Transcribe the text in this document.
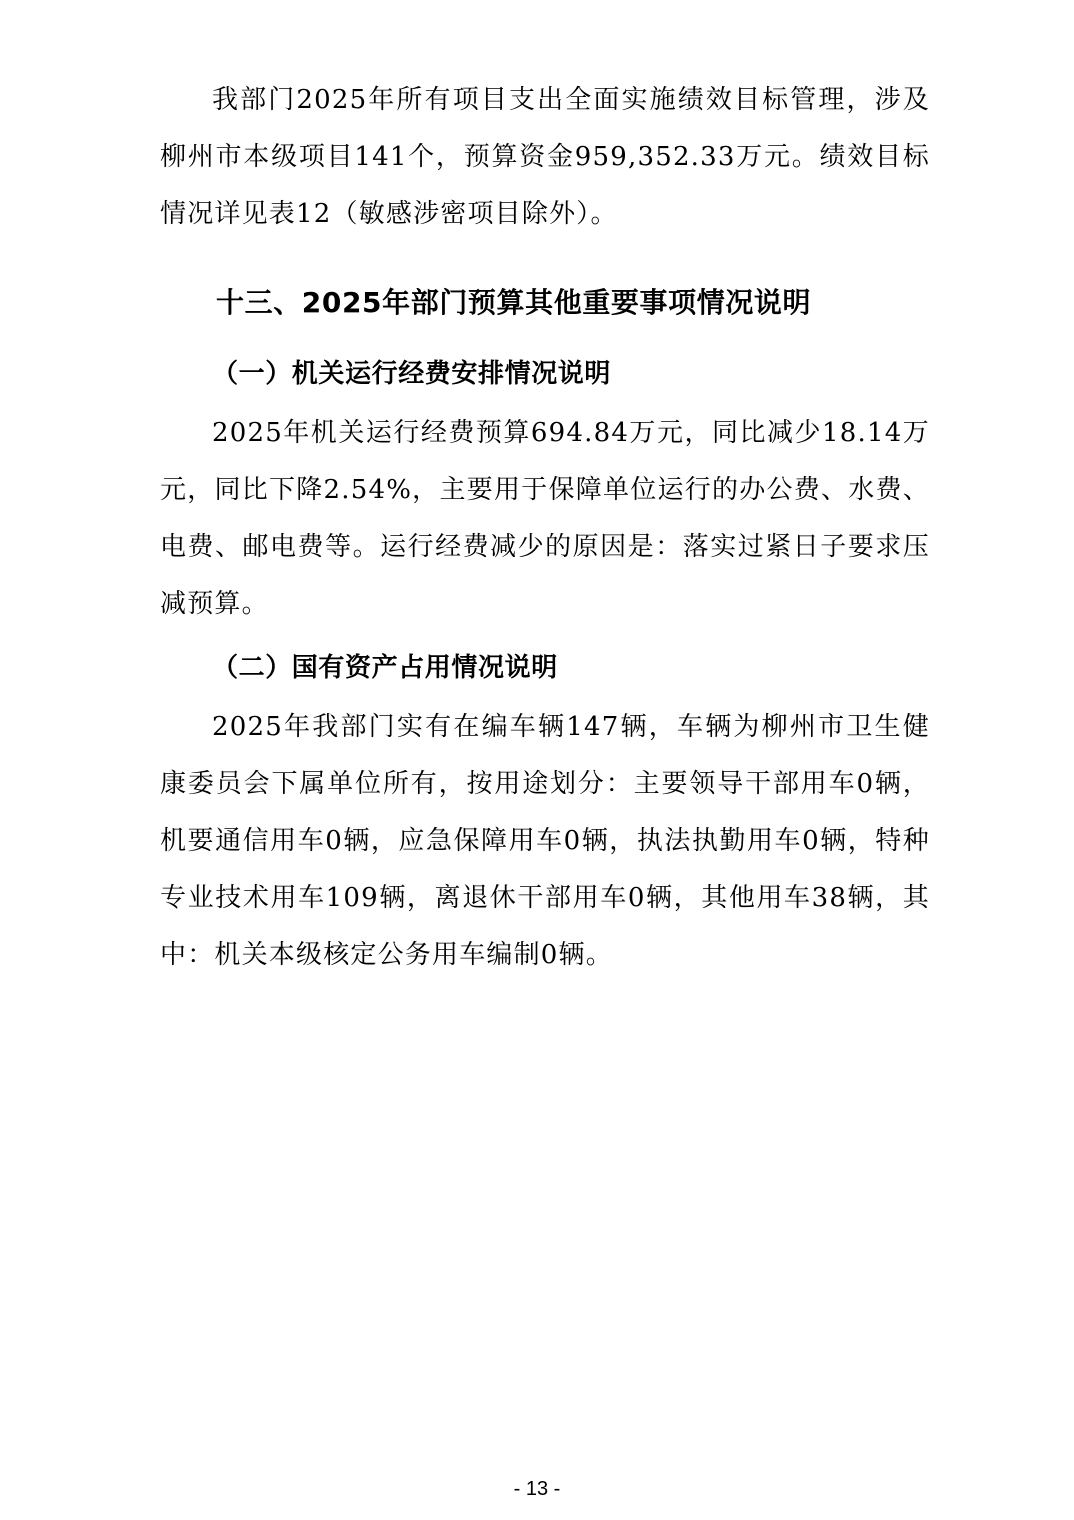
我部门2025年所有项目支出全面实施绩效目标管理，涉及柳州市本级项目141个，预算资金959,352.33万元。绩效目标情况详见表12（敏感涉密项目除外）。

十三、2025年部门预算其他重要事项情况说明
（一）机关运行经费安排情况说明

2025年机关运行经费预算694.84万元，同比减少18.14万元，同比下降2.54%，主要用于保障单位运行的办公费、水费、电费、邮电费等。运行经费减少的原因是：落实过紧日子要求压减预算。

（二）国有资产占用情况说明

2025年我部门实有在编车辆147辆，车辆为柳州市卫生健康委员会下属单位所有，按用途划分：主要领导干部用车0辆，机要通信用车0辆，应急保障用车0辆，执法执勤用车0辆，特种专业技术用车109辆，离退休干部用车0辆，其他用车38辆，其中：机关本级核定公务用车编制0辆。

- 13 -
